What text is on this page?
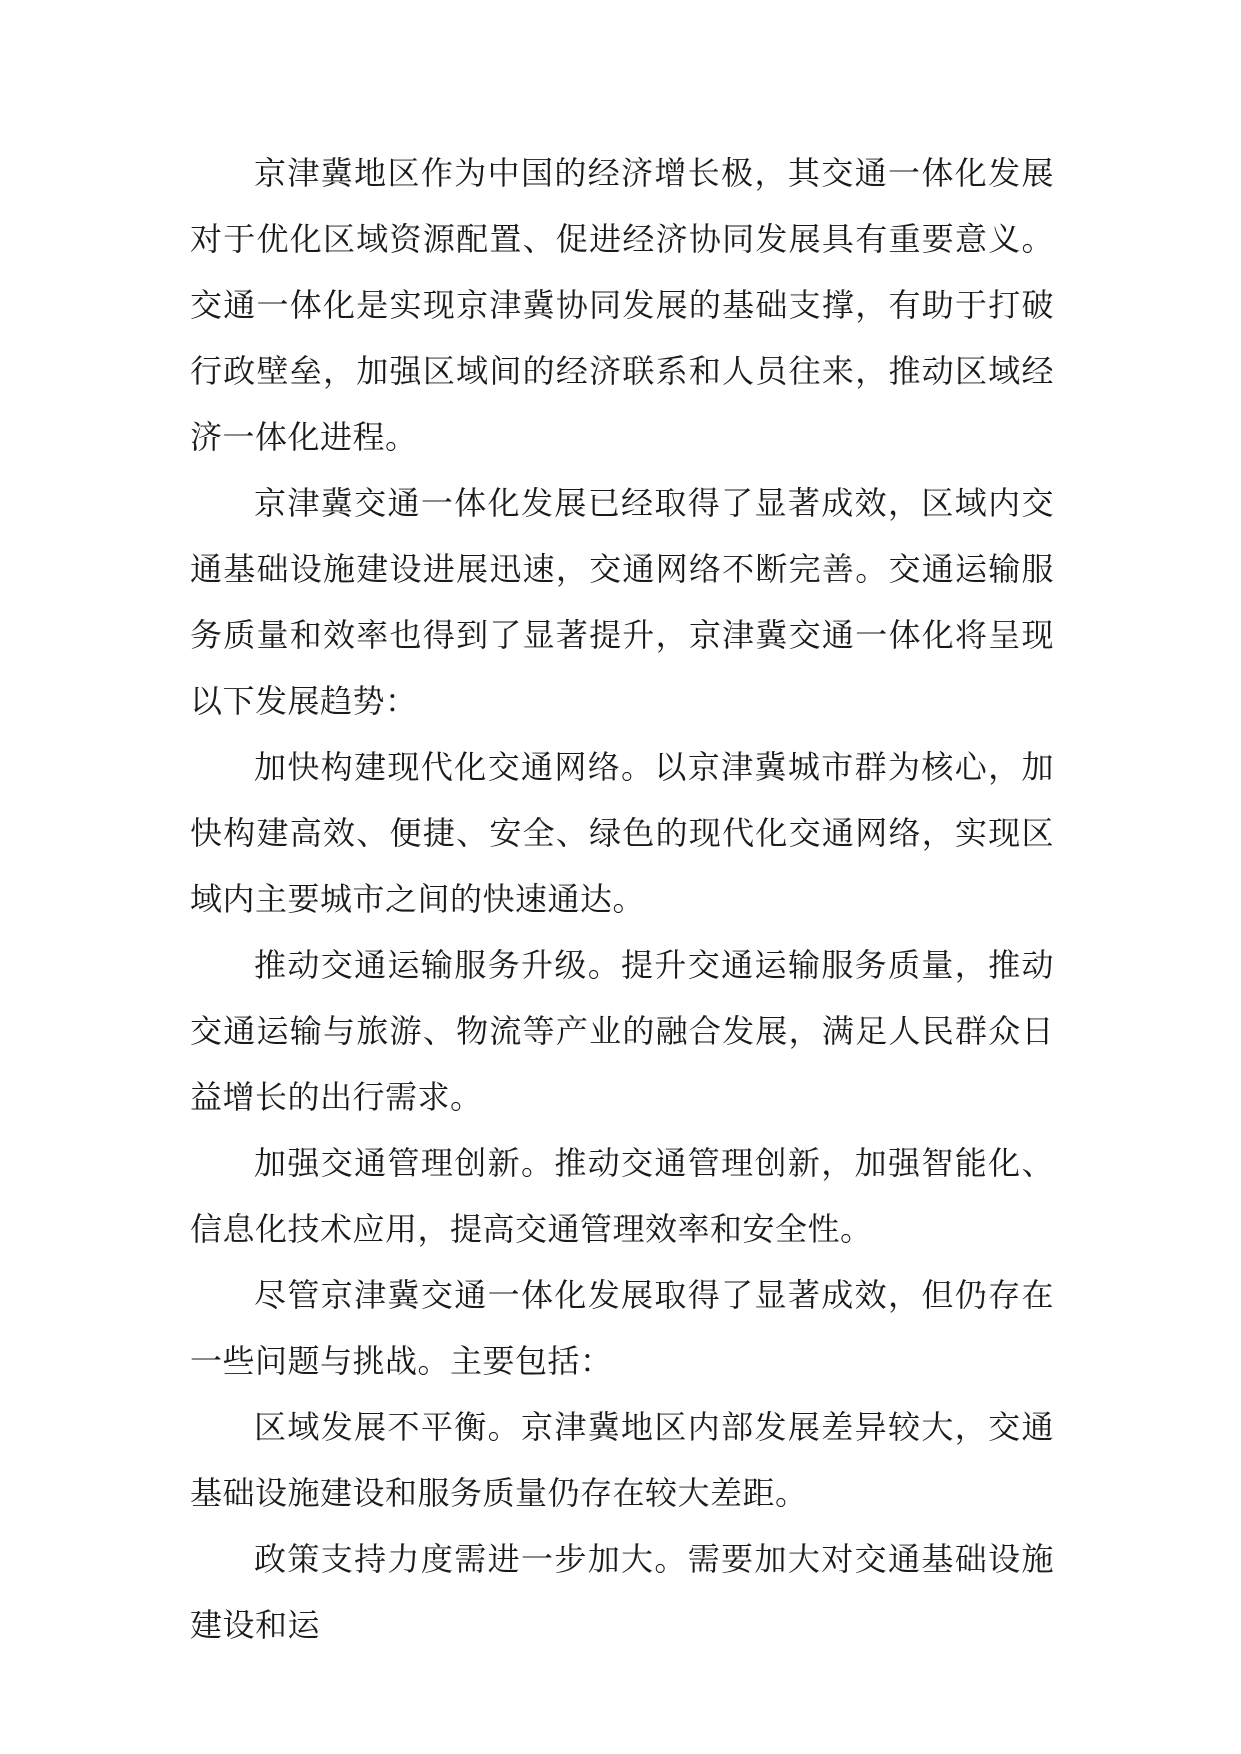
京津冀地区作为中国的经济增长极，其交通一体化发展对于优化区域资源配置、促进经济协同发展具有重要意义。交通一体化是实现京津冀协同发展的基础支撑，有助于打破行政壁垒，加强区域间的经济联系和人员往来，推动区域经济一体化进程。

京津冀交通一体化发展已经取得了显著成效，区域内交通基础设施建设进展迅速，交通网络不断完善。交通运输服务质量和效率也得到了显著提升，京津冀交通一体化将呈现以下发展趋势：

加快构建现代化交通网络。以京津冀城市群为核心，加快构建高效、便捷、安全、绿色的现代化交通网络，实现区域内主要城市之间的快速通达。

推动交通运输服务升级。提升交通运输服务质量，推动交通运输与旅游、物流等产业的融合发展，满足人民群众日益增长的出行需求。

加强交通管理创新。推动交通管理创新，加强智能化、信息化技术应用，提高交通管理效率和安全性。

尽管京津冀交通一体化发展取得了显著成效，但仍存在一些问题与挑战。主要包括：

区域发展不平衡。京津冀地区内部发展差异较大，交通基础设施建设和服务质量仍存在较大差距。

政策支持力度需进一步加大。需要加大对交通基础设施建设和运
